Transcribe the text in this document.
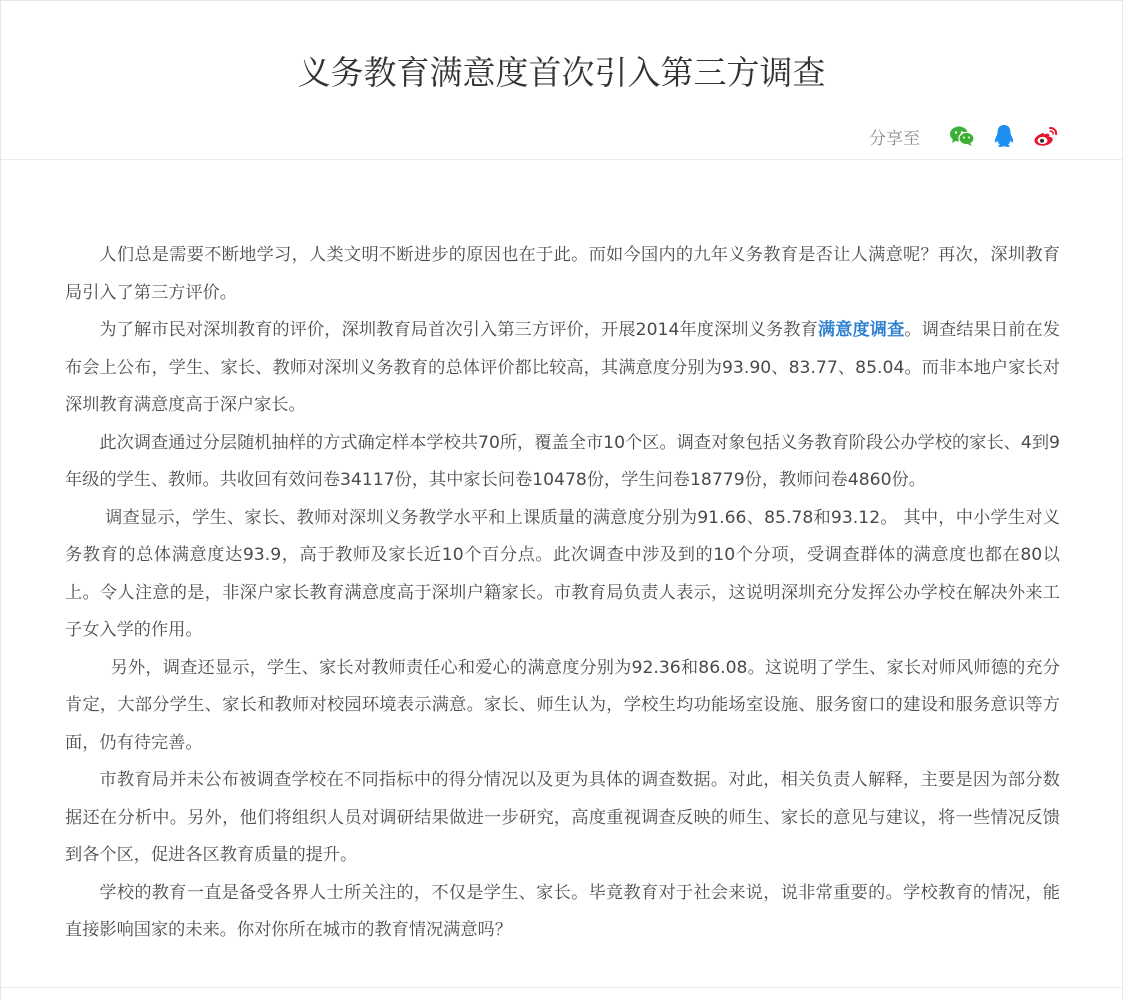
义务教育满意度首次引入第三方调查
分享至

人们总是需要不断地学习，人类文明不断进步的原因也在于此。而如今国内的九年义务教育是否让人满意呢？再次，深圳教育局引入了第三方评价。

为了解市民对深圳教育的评价，深圳教育局首次引入第三方评价，开展2014年度深圳义务教育满意度调查。调查结果日前在发布会上公布，学生、家长、教师对深圳义务教育的总体评价都比较高，其满意度分别为93.90、83.77、85.04。而非本地户家长对深圳教育满意度高于深户家长。

此次调查通过分层随机抽样的方式确定样本学校共70所，覆盖全市10个区。调查对象包括义务教育阶段公办学校的家长、4到9年级的学生、教师。共收回有效问卷34117份，其中家长问卷10478份，学生问卷18779份，教师问卷4860份。

调查显示，学生、家长、教师对深圳义务教学水平和上课质量的满意度分别为91.66、85.78和93.12。 其中，中小学生对义务教育的总体满意度达93.9，高于教师及家长近10个百分点。此次调查中涉及到的10个分项，受调查群体的满意度也都在80以上。令人注意的是，非深户家长教育满意度高于深圳户籍家长。市教育局负责人表示，这说明深圳充分发挥公办学校在解决外来工子女入学的作用。

另外，调查还显示，学生、家长对教师责任心和爱心的满意度分别为92.36和86.08。这说明了学生、家长对师风师德的充分肯定，大部分学生、家长和教师对校园环境表示满意。家长、师生认为，学校生均功能场室设施、服务窗口的建设和服务意识等方面，仍有待完善。

市教育局并未公布被调查学校在不同指标中的得分情况以及更为具体的调查数据。对此，相关负责人解释，主要是因为部分数据还在分析中。另外，他们将组织人员对调研结果做进一步研究，高度重视调查反映的师生、家长的意见与建议，将一些情况反馈到各个区，促进各区教育质量的提升。

学校的教育一直是备受各界人士所关注的，不仅是学生、家长。毕竟教育对于社会来说，说非常重要的。学校教育的情况，能直接影响国家的未来。你对你所在城市的教育情况满意吗？
